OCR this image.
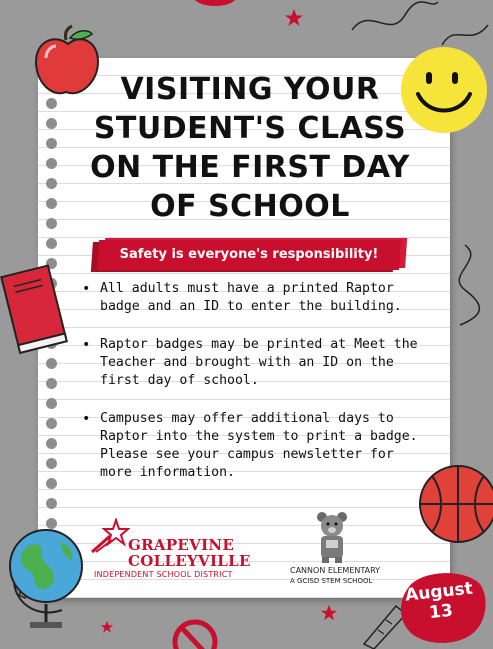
VISITING YOUR STUDENT'S CLASS ON THE FIRST DAY OF SCHOOL
Safety is everyone's responsibility!
• All adults must have a printed Raptor badge and an ID to enter the building.
• Raptor badges may be printed at Meet the Teacher and brought with an ID on the first day of school.
• Campuses may offer additional days to Raptor into the system to print a badge. Please see your campus newsletter for more information.
GRAPEVINE
COLLEYVILLE
INDEPENDENT SCHOOL DISTRICT	CANNON ELEMENTARY
A GCISD STEM SCHOOL	August 13
